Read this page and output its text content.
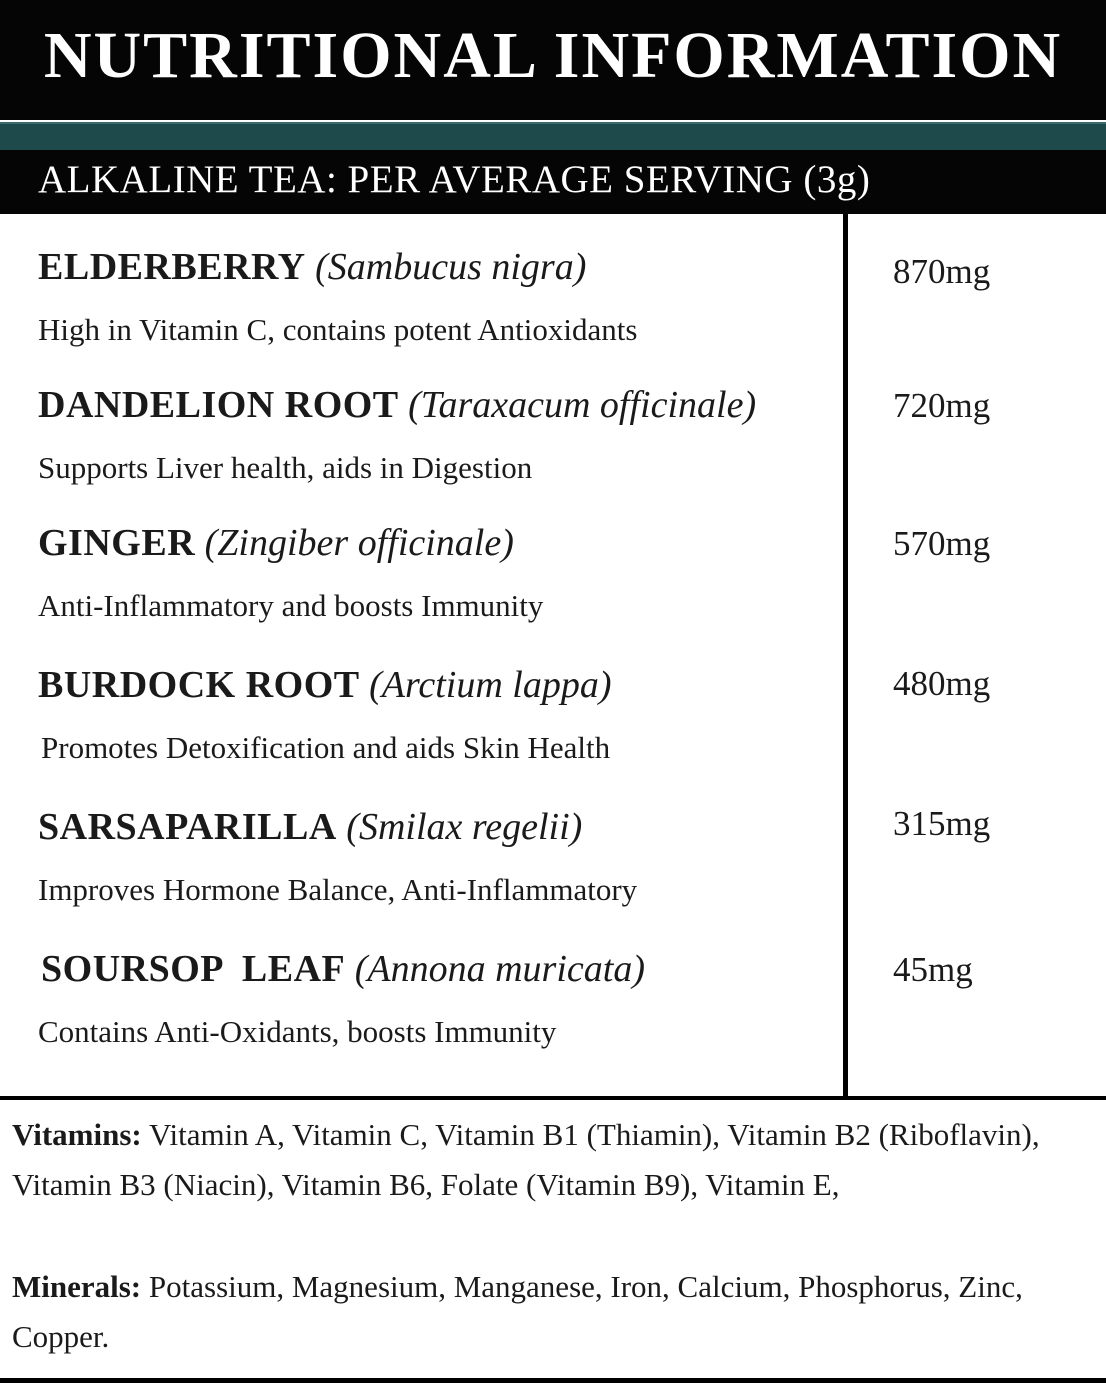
NUTRITIONAL INFORMATION
ALKALINE TEA: PER AVERAGE SERVING (3g)
ELDERBERRY (Sambucus nigra)
High in Vitamin C, contains potent Antioxidants
870mg
DANDELION ROOT (Taraxacum officinale)
Supports Liver health, aids in Digestion
720mg
GINGER (Zingiber officinale)
Anti-Inflammatory and boosts Immunity
570mg
BURDOCK ROOT (Arctium lappa)
Promotes Detoxification and aids Skin Health
480mg
SARSAPARILLA (Smilax regelii)
Improves Hormone Balance, Anti-Inflammatory
315mg
SOURSOP  LEAF (Annona muricata)
Contains Anti-Oxidants, boosts Immunity
45mg
Vitamins: Vitamin A, Vitamin C, Vitamin B1 (Thiamin), Vitamin B2 (Riboflavin), Vitamin B3 (Niacin), Vitamin B6, Folate (Vitamin B9), Vitamin E,
Minerals: Potassium, Magnesium, Manganese, Iron, Calcium, Phosphorus, Zinc, Copper.
